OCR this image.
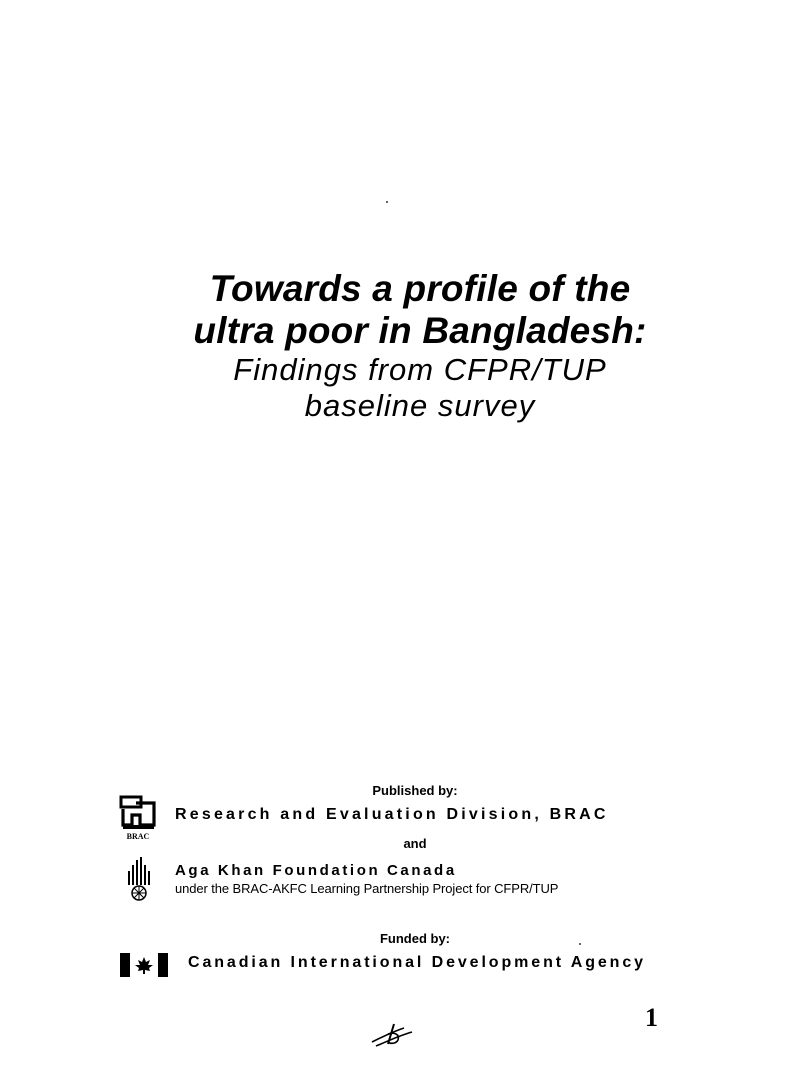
Towards a profile of the
ultra poor in Bangladesh:
Findings from CFPR/TUP
baseline survey
Published by:
BRAC
Research and Evaluation Division, BRAC
and
Aga Khan Foundation Canada
under the BRAC-AKFC Learning Partnership Project for CFPR/TUP
Funded by:
Canadian International Development Agency
1
